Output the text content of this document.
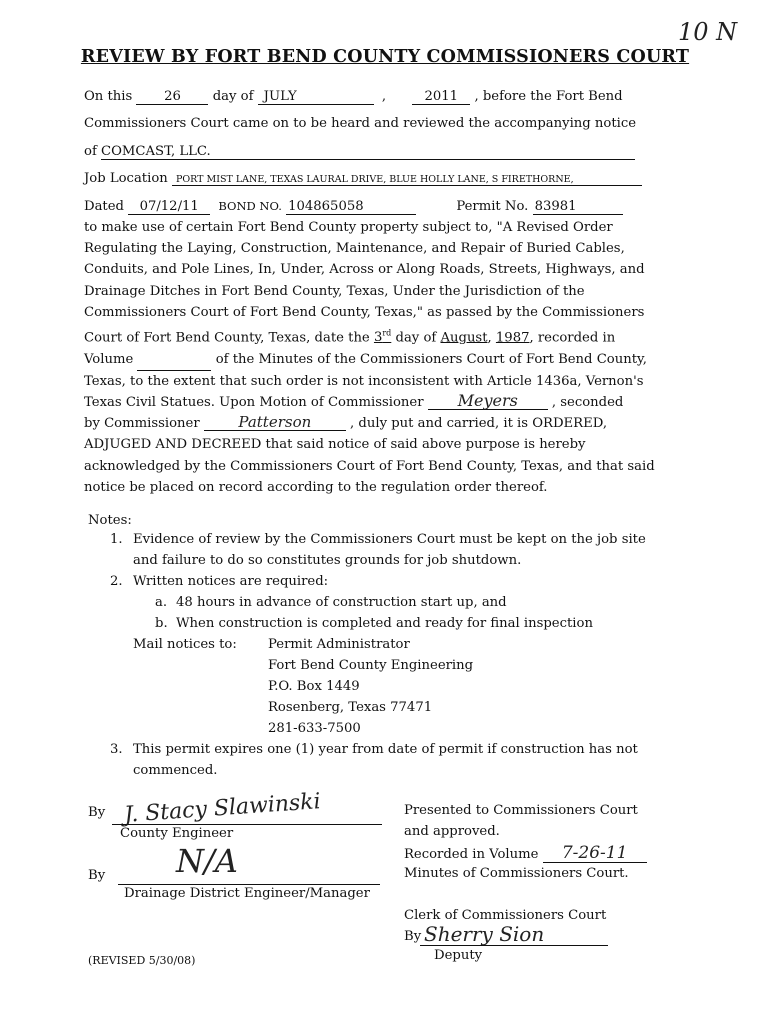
10 N
REVIEW BY FORT BEND COUNTY COMMISSIONERS COURT
On this 26 day of JULY	,	2011 , before the Fort Bend
Commissioners Court came on to be heard and reviewed the accompanying notice
of COMCAST, LLC.
Job Location PORT MIST LANE, TEXAS LAURAL DRIVE, BLUE HOLLY LANE, S FIRETHORNE,
Dated 07/12/11 BOND NO. 104865058	Permit No. 83981
to make use of certain Fort Bend County property subject to, "A Revised Order
Regulating the Laying, Construction, Maintenance, and Repair of Buried Cables,
Conduits, and Pole Lines, In, Under, Across or Along Roads, Streets, Highways, and
Drainage Ditches in Fort Bend County, Texas, Under the Jurisdiction of the
Commissioners Court of Fort Bend County, Texas," as passed by the Commissioners
Court of Fort Bend County, Texas, date the 3rd day of August, 1987, recorded in
Volume	of the Minutes of the Commissioners Court of Fort Bend County,
Texas, to the extent that such order is not inconsistent with Article 1436a, Vernon's
Texas Civil Statues. Upon Motion of Commissioner Meyers	, seconded
by Commissioner	Patterson	, duly put and carried, it is ORDERED,
ADJUGED AND DECREED that said notice of said above purpose is hereby
acknowledged by the Commissioners Court of Fort Bend County, Texas, and that said
notice be placed on record according to the regulation order thereof.
Notes:
1. Evidence of review by the Commissioners Court must be kept on the job site
and failure to do so constitutes grounds for job shutdown.
2. Written notices are required:
a. 48 hours in advance of construction start up, and
b. When construction is completed and ready for final inspection
Mail notices to: Permit Administrator
Fort Bend County Engineering
P.O. Box 1449
Rosenberg, Texas 77471
281-633-7500
3. This permit expires one (1) year from date of permit if construction has not
commenced.
By J. Stacy Slawinski
County Engineer
By N/A
Drainage District Engineer/Manager
Presented to Commissioners Court
and approved.
Recorded in Volume 7-26-11
Minutes of Commissioners Court.
Clerk of Commissioners Court
By Sherry Sion
Deputy
(REVISED 5/30/08)
